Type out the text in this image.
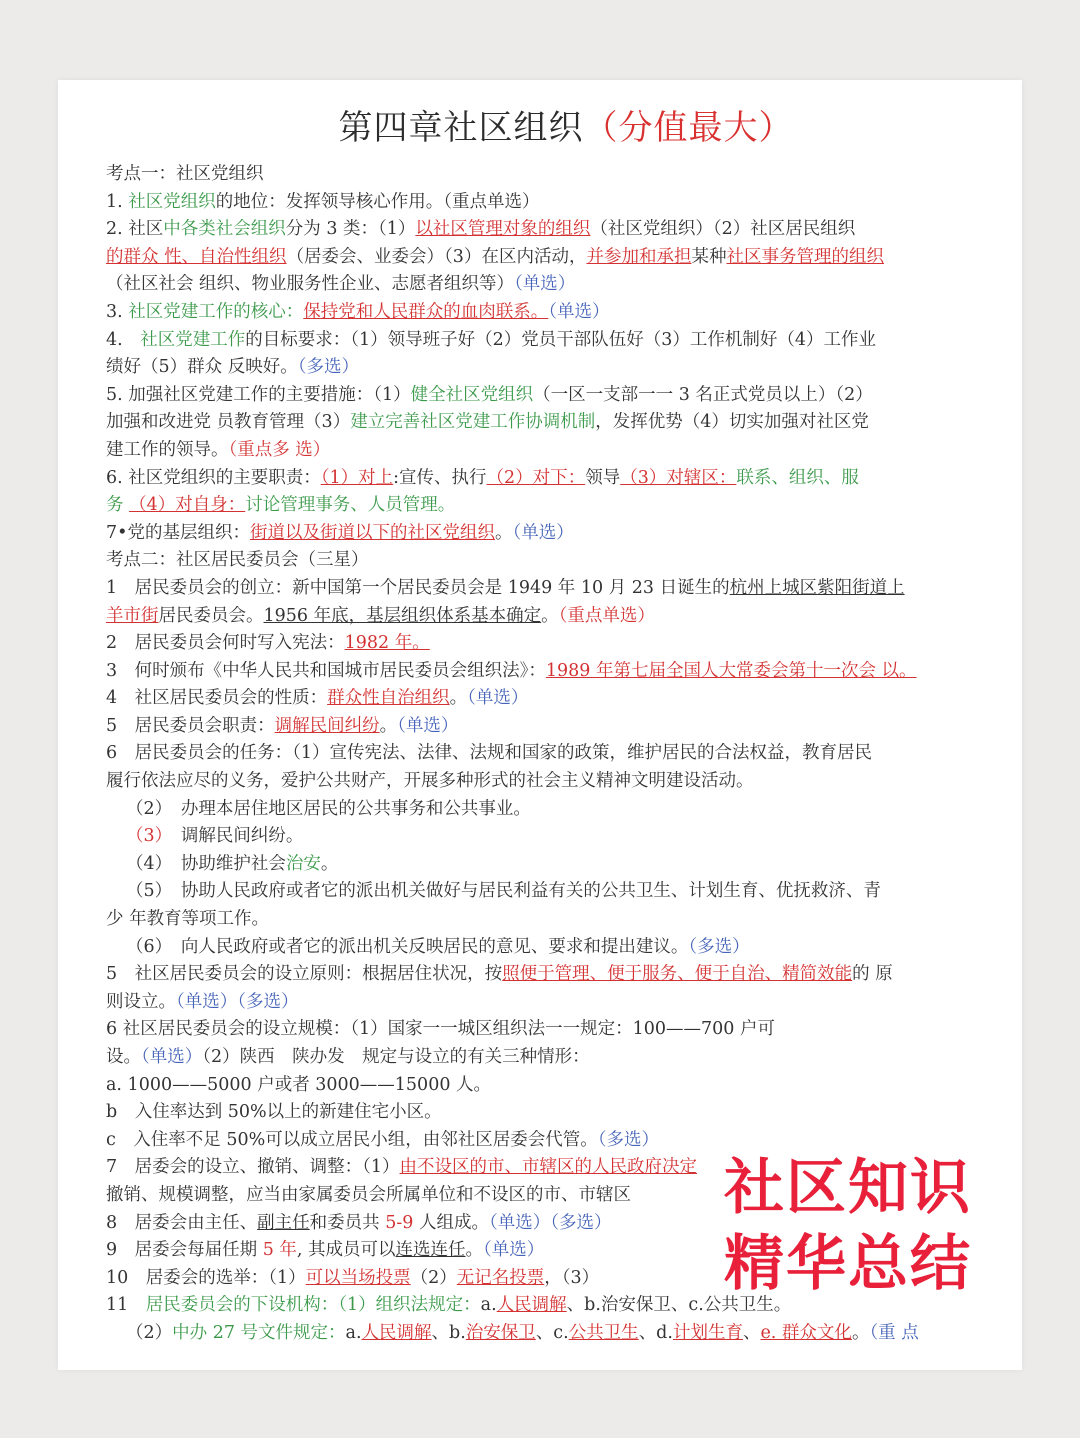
第四章社区组织（分值最大）
考点一：社区党组织
1. 社区党组织的地位：发挥领导核心作用。（重点单选）
2. 社区中各类社会组织分为 3 类：（1）以社区管理对象的组织（社区党组织）（2）社区居民组织
的群众 性、自治性组织（居委会、业委会）（3）在区内活动，并参加和承担某种社区事务管理的组织
（社区社会 组织、物业服务性企业、志愿者组织等）（单选）
3. 社区党建工作的核心：保持党和人民群众的血肉联系。（单选）
4.　社区党建工作的目标要求：（1）领导班子好（2）党员干部队伍好（3）工作机制好（4）工作业
绩好（5）群众 反映好。（多选）
5. 加强社区党建工作的主要措施：（1）健全社区党组织（一区一支部一一 3 名正式党员以上）（2）
加强和改进党 员教育管理（3）建立完善社区党建工作协调机制，发挥优势（4）切实加强对社区党
建工作的领导。（重点多 选）
6. 社区党组织的主要职责：（1）对上:宣传、执行（2）对下：领导（3）对辖区：联系、组织、服
务 （4）对自身：讨论管理事务、人员管理。
7•党的基层组织：街道以及街道以下的社区党组织。（单选）
考点二：社区居民委员会（三星）
1　居民委员会的创立：新中国第一个居民委员会是 1949 年 10 月 23 日诞生的杭州上城区紫阳街道上
羊市街居民委员会。1956 年底，基层组织体系基本确定。（重点单选）
2　居民委员会何时写入宪法：1982 年。
3　何时颁布《中华人民共和国城市居民委员会组织法》：1989 年第七届全国人大常委会第十一次会 以。
4　社区居民委员会的性质：群众性自治组织。（单选）
5　居民委员会职责：调解民间纠纷。（单选）
6　居民委员会的任务：（1）宣传宪法、法律、法规和国家的政策，维护居民的合法权益，教育居民
履行依法应尽的义务，爱护公共财产，开展多种形式的社会主义精神文明建设活动。
（2）　办理本居住地区居民的公共事务和公共事业。
（3）　调解民间纠纷。
（4）　协助维护社会治安。
（5）　协助人民政府或者它的派出机关做好与居民利益有关的公共卫生、计划生育、优抚救济、青
少 年教育等项工作。
（6）　向人民政府或者它的派出机关反映居民的意见、要求和提出建议。（多选）
5　社区居民委员会的设立原则：根据居住状况，按照便于管理、便于服务、便于自治、精简效能的 原
则设立。（单选）（多选）
6 社区居民委员会的设立规模：（1）国家一一城区组织法一一规定：100——700 户可
设。（单选）（2）陕西　陕办发　规定与设立的有关三种情形：
a. 1000——5000 户或者 3000——15000 人。
b　入住率达到 50%以上的新建住宅小区。
c　入住率不足 50%可以成立居民小组，由邻社区居委会代管。（多选）
7　居委会的设立、撤销、调整：（1）由不设区的市、市辖区的人民政府决定
撤销、规模调整，应当由家属委员会所属单位和不设区的市、市辖区
8　居委会由主任、副主任和委员共 5-9 人组成。（单选）（多选）
9　居委会每届任期 5 年, 其成员可以连选连任。（单选）
10　居委会的选举：（1）可以当场投票（2）无记名投票，（3）
11　居民委员会的下设机构：（1）组织法规定：a.人民调解、b.治安保卫、c.公共卫生。
（2）中办 27 号文件规定：a.人民调解、b.治安保卫、c.公共卫生、d.计划生育、e. 群众文化。（重 点
社区知识
精华总结
